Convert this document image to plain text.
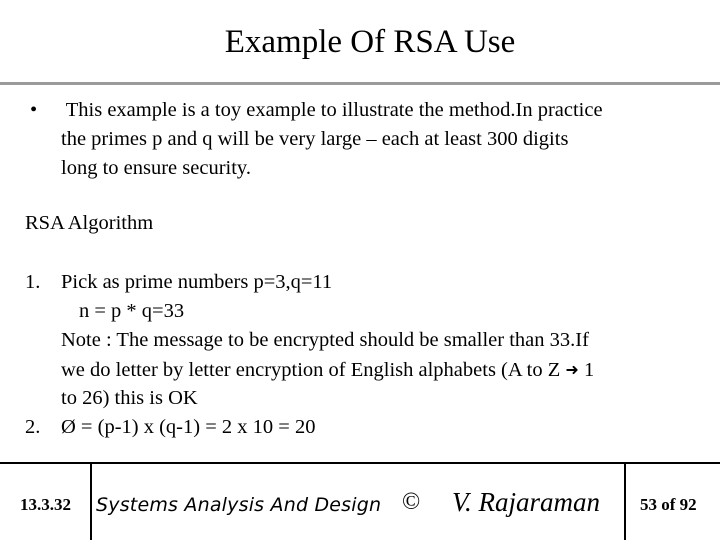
Example Of RSA Use
• This example is a toy example to illustrate the method.In practice
the primes p and q will be very large – each at least 300 digits
long to ensure security.
RSA Algorithm
1. Pick as prime numbers p=3,q=11
n = p * q=33
Note : The message to be encrypted should be smaller than 33.If
we do letter by letter encryption of English alphabets (A to Z ➜ 1
to 26) this is OK
2. Ø = (p-1) x (q-1) = 2 x 10 = 20
13.3.32 Systems Analysis And Design © V. Rajaraman 53 of 92
